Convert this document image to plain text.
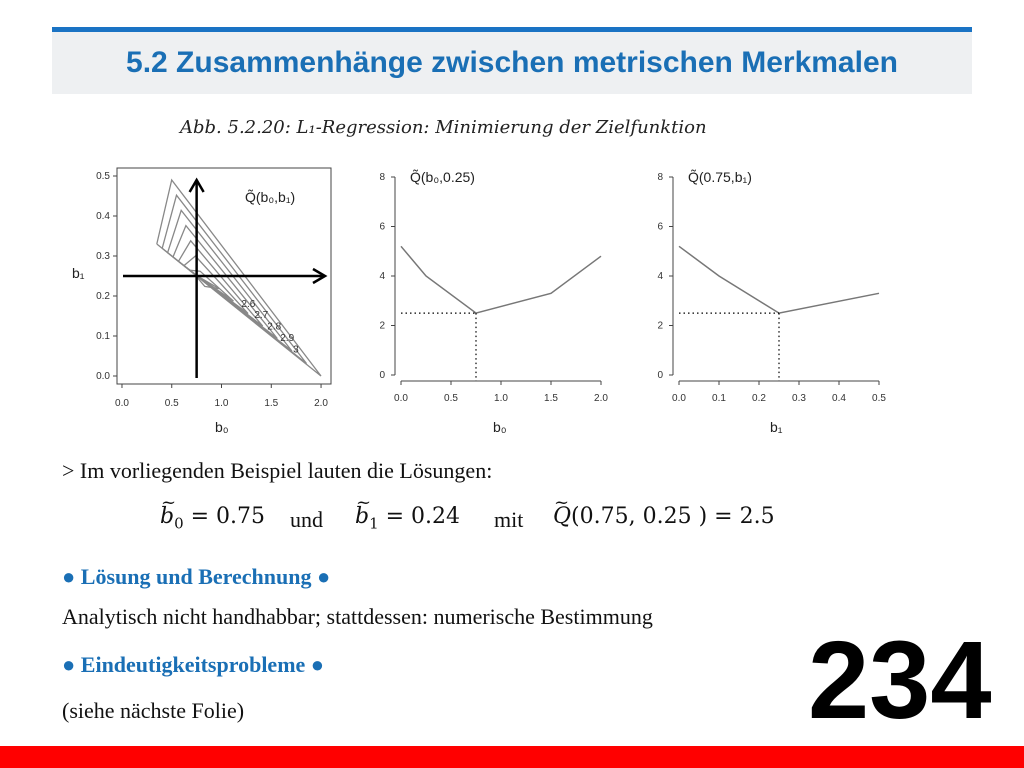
5.2 Zusammenhänge zwischen metrischen Merkmalen
Abb. 5.2.20: L₁-Regression: Minimierung der Zielfunktion
0.0
0.1
0.2
0.3
0.4
0.5
0.0	0.5	1.0	1.5	2.0
2.6
2.7
2.8
2.9
3
Q̃(b₀,b₁)
b₀
b₁
0.0	0.5	1.0	1.5	2.0
0
2
4
6
8 Q̃(b₀,0.25)
b₀
0.0	0.1	0.2	0.3	0.4	0.5
0
2
4
6
8 Q̃(0.75,b₁)
b₁
> Im vorliegenden Beispiel lauten die Lösungen:
~ $b_0 = 0.75$ und ~ $b_1 = 0.24$ mit ~ Q(0.75, 0.25 ) = 2.5
● Lösung und Berechnung ●
Analytisch nicht handhabbar; stattdessen: numerische Bestimmung
● Eindeutigkeitsprobleme ●
(siehe nächste Folie)	234
